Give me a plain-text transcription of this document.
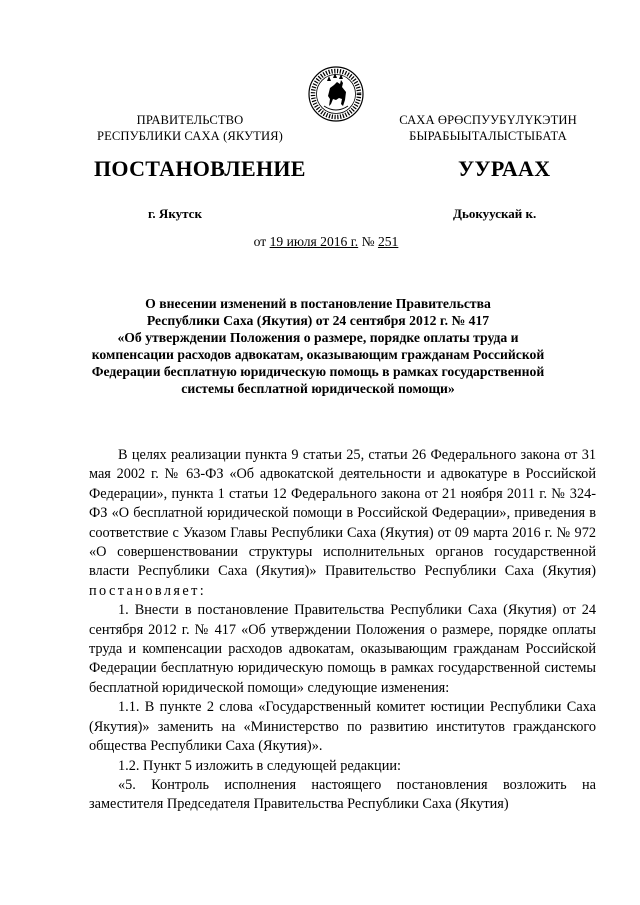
ПРАВИТЕЛЬСТВО
РЕСПУБЛИКИ САХА (ЯКУТИЯ)
САХА ӨРӨСПУУБҮЛҮКЭТИН
БЫРАБЫЫТАЛЫСТЫБАТА
ПОСТАНОВЛЕНИЕ	УУРААХ
г. Якутск	Дьокуускай к.
от 19 июля 2016 г. № 251
О внесении изменений в постановление Правительства
Республики Саха (Якутия) от 24 сентября 2012 г. № 417
«Об утверждении Положения о размере, порядке оплаты труда и
компенсации расходов адвокатам, оказывающим гражданам Российской
Федерации бесплатную юридическую помощь в рамках государственной
системы бесплатной юридической помощи»

В целях реализации пункта 9 статьи 25, статьи 26 Федерального закона от 31 мая 2002 г. № 63-ФЗ «Об адвокатской деятельности и адвокатуре в Российской Федерации», пункта 1 статьи 12 Федерального закона от 21 ноября 2011 г. № 324-ФЗ «О бесплатной юридической помощи в Российской Федерации», приведения в соответствие с Указом Главы Республики Саха (Якутия) от 09 марта 2016 г. № 972 «О совершенствовании структуры исполнительных органов государственной власти Республики Саха (Якутия)» Правительство Республики Саха (Якутия) постановляет:

1. Внести в постановление Правительства Республики Саха (Якутия) от 24 сентября 2012 г. № 417 «Об утверждении Положения о размере, порядке оплаты труда и компенсации расходов адвокатам, оказывающим гражданам Российской Федерации бесплатную юридическую помощь в рамках государственной системы бесплатной юридической помощи» следующие изменения:

1.1. В пункте 2 слова «Государственный комитет юстиции Республики Саха (Якутия)» заменить на «Министерство по развитию институтов гражданского общества Республики Саха (Якутия)».

1.2. Пункт 5 изложить в следующей редакции:

«5. Контроль исполнения настоящего постановления возложить на заместителя Председателя Правительства Республики Саха (Якутия)
